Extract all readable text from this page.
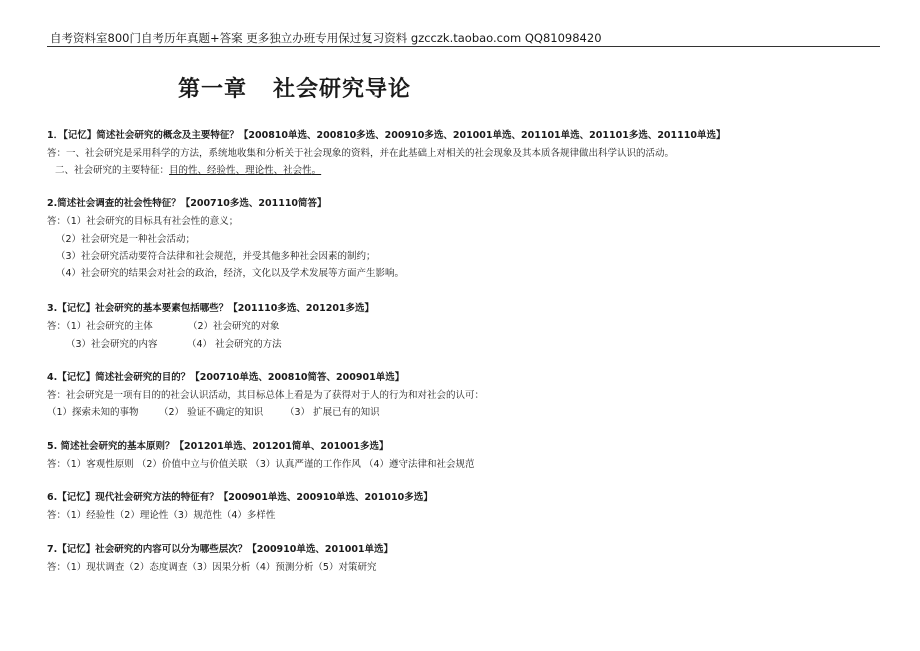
自考资料室800门自考历年真题+答案 更多独立办班专用保过复习资料 gzcczk.taobao.com QQ81098420
第一章 社会研究导论
1．【记忆】简述社会研究的概念及主要特征？【200810单选、200810多选、200910多选、201001单选、201101单选、201101多选、201110单选】
答：一、社会研究是采用科学的方法，系统地收集和分析关于社会现象的资料，并在此基础上对相关的社会现象及其本质各规律做出科学认识的活动。
二、社会研究的主要特征：目的性、经验性、理论性、社会性。
2.简述社会调查的社会性特征？【200710多选、201110简答】
答：（1）社会研究的目标具有社会性的意义；
（2）社会研究是一种社会活动；
（3）社会研究活动要符合法律和社会规范，并受其他多种社会因素的制约；
（4）社会研究的结果会对社会的政治，经济，文化以及学术发展等方面产生影响。
3.【记忆】社会研究的基本要素包括哪些？【201110多选、201201多选】
答：（1）社会研究的主体	（2）社会研究的对象
（3）社会研究的内容	（4） 社会研究的方法
4.【记忆】简述社会研究的目的？【200710单选、200810简答、200901单选】
答：社会研究是一项有目的的社会认识活动，其目标总体上看是为了获得对于人的行为和对社会的认可：
（1）探索未知的事物 （2） 验证不确定的知识 （3） 扩展已有的知识
5. 简述社会研究的基本原则？【201201单选、201201简单、201001多选】
答：（1）客观性原则 （2）价值中立与价值关联 （3）认真严谨的工作作风 （4）遵守法律和社会规范
6.【记忆】现代社会研究方法的特征有？【200901单选、200910单选、201010多选】
答：（1）经验性（2）理论性（3）规范性（4）多样性
7.【记忆】社会研究的内容可以分为哪些层次？【200910单选、201001单选】
答：（1）现状调查（2）态度调查（3）因果分析（4）预测分析（5）对策研究
